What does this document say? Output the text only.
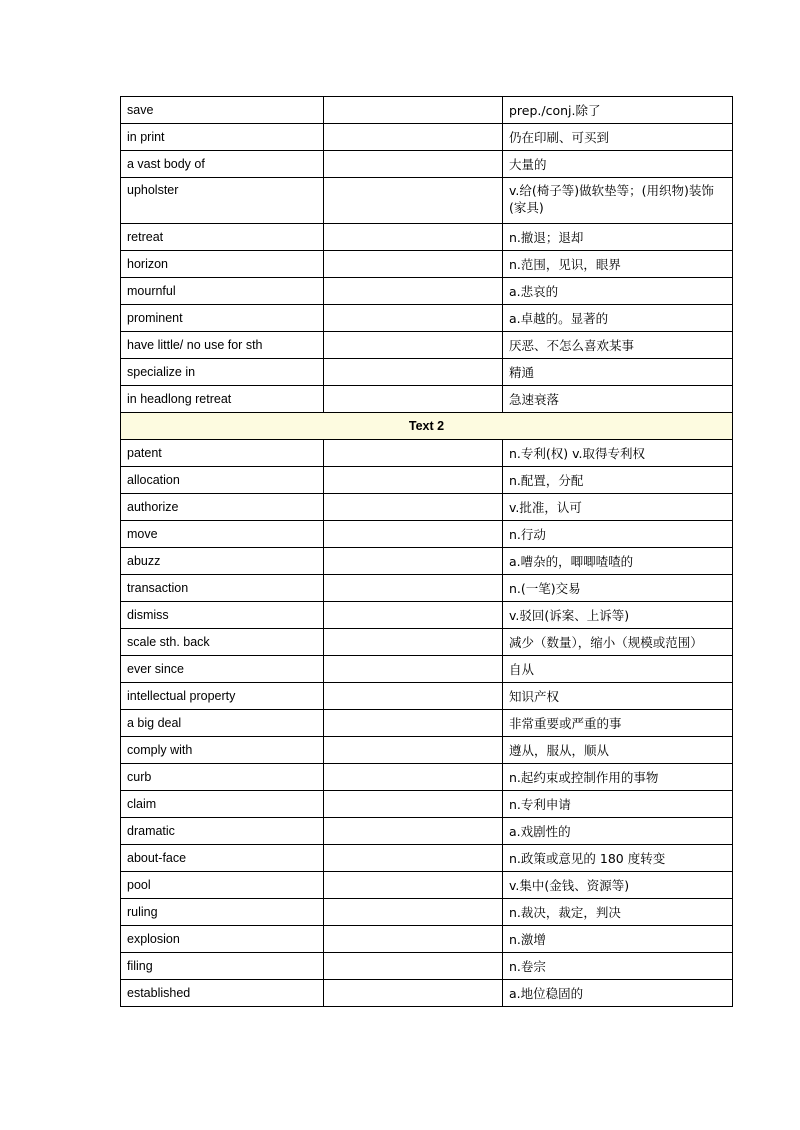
save		prep./conj.除了
in print		仍在印刷、可买到
a vast body of		大量的
upholster		v.给(椅子等)做软垫等；(用织物)装饰(家具)
retreat		n.撤退；退却
horizon		n.范围，见识，眼界
mournful		a.悲哀的
prominent		a.卓越的。显著的
have little/ no use for sth		厌恶、不怎么喜欢某事
specialize in		精通
in headlong retreat		急速衰落
Text 2		
patent		n.专利(权) v.取得专利权
allocation		n.配置，分配
authorize		v.批准，认可
move		n.行动
abuzz		a.嘈杂的，唧唧喳喳的
transaction		n.(一笔)交易
dismiss		v.驳回(诉案、上诉等)
scale sth. back		减少（数量），缩小（规模或范围）
ever since		自从
intellectual property		知识产权
a big deal		非常重要或严重的事
comply with		遵从，服从，顺从
curb		n.起约束或控制作用的事物
claim		n.专利申请
dramatic		a.戏剧性的
about-face		n.政策或意见的 180 度转变
pool		v.集中(金钱、资源等)
ruling		n.裁决，裁定，判决
explosion		n.激增
filing		n.卷宗
established		a.地位稳固的
